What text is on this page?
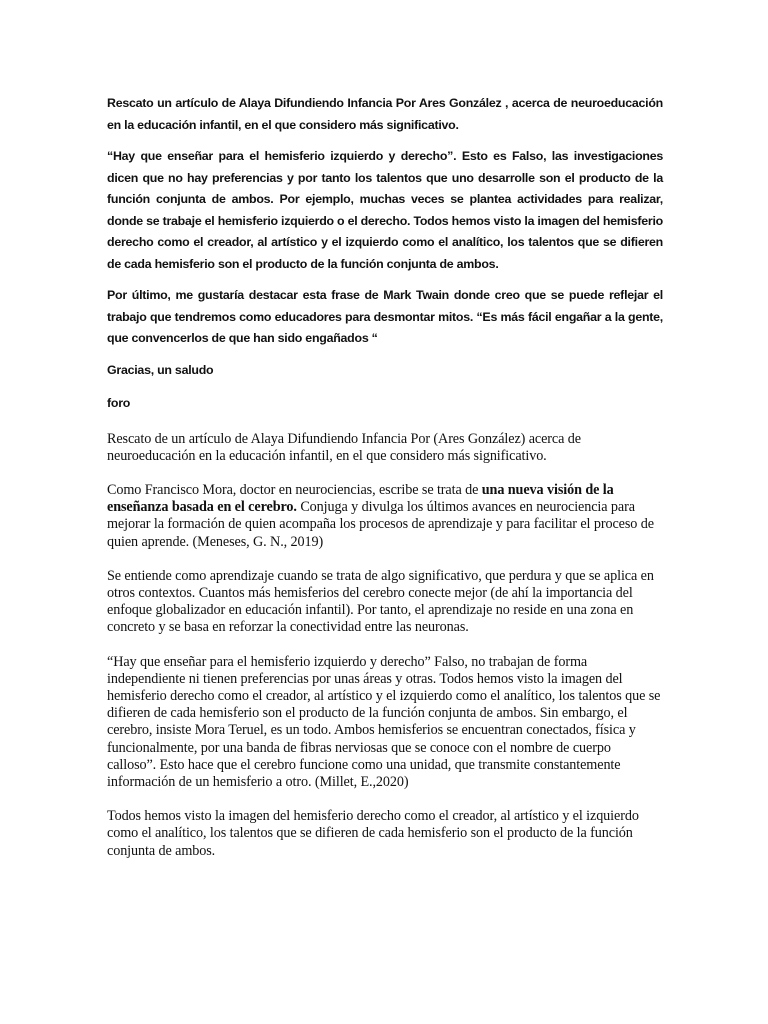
Rescato un artículo de Alaya Difundiendo Infancia Por Ares González , acerca de neuroeducación en la educación infantil, en el que considero más significativo.

“Hay que enseñar para el hemisferio izquierdo y derecho”. Esto es Falso, las investigaciones dicen que no hay preferencias y por tanto los talentos que uno desarrolle son el producto de la función conjunta de ambos. Por ejemplo, muchas veces se plantea actividades para realizar, donde se trabaje el hemisferio izquierdo o el derecho. Todos hemos visto la imagen del hemisferio derecho como el creador, al artístico y el izquierdo como el analítico, los talentos que se difieren de cada hemisferio son el producto de la función conjunta de ambos.

Por último, me gustaría destacar esta frase de Mark Twain donde creo que se puede reflejar el trabajo que tendremos como educadores para desmontar mitos. “Es más fácil engañar a la gente, que convencerlos de que han sido engañados “

Gracias, un saludo

foro

Rescato de un artículo de Alaya Difundiendo Infancia Por (Ares González) acerca de neuroeducación en la educación infantil, en el que considero más significativo.

Como Francisco Mora, doctor en neurociencias, escribe se trata de una nueva visión de la enseñanza basada en el cerebro. Conjuga y divulga los últimos avances en neurociencia para mejorar la formación de quien acompaña los procesos de aprendizaje y para facilitar el proceso de quien aprende. (Meneses, G. N., 2019)

Se entiende como aprendizaje cuando se trata de algo significativo, que perdura y que se aplica en otros contextos. Cuantos más hemisferios del cerebro conecte mejor (de ahí la importancia del enfoque globalizador en educación infantil). Por tanto, el aprendizaje no reside en una zona en concreto y se basa en reforzar la conectividad entre las neuronas.

“Hay que enseñar para el hemisferio izquierdo y derecho” Falso, no trabajan de forma independiente ni tienen preferencias por unas áreas y otras. Todos hemos visto la imagen del hemisferio derecho como el creador, al artístico y el izquierdo como el analítico, los talentos que se difieren de cada hemisferio son el producto de la función conjunta de ambos. Sin embargo, el cerebro, insiste Mora Teruel, es un todo. Ambos hemisferios se encuentran conectados, física y funcionalmente, por una banda de fibras nerviosas que se conoce con el nombre de cuerpo calloso”. Esto hace que el cerebro funcione como una unidad, que transmite constantemente información de un hemisferio a otro. (Millet, E.,2020)

Todos hemos visto la imagen del hemisferio derecho como el creador, al artístico y el izquierdo como el analítico, los talentos que se difieren de cada hemisferio son el producto de la función conjunta de ambos.
